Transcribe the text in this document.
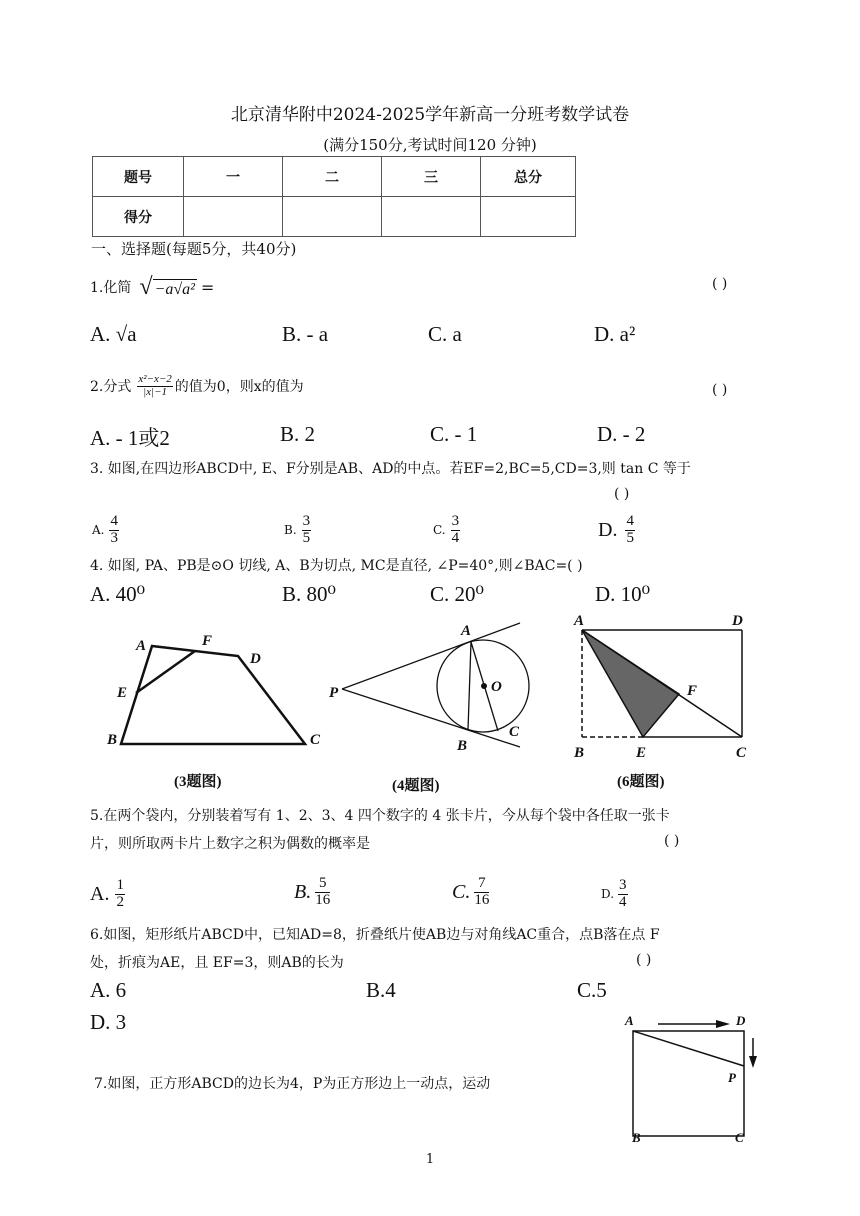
北京清华附中2024-2025学年新高一分班考数学试卷
(满分150分,考试时间120 分钟)
题号	一	二	三	总分
得分				
一、选择题(每题5分，共40分)
1.化简 √ −a√a² =	( )
A. √a	B. - a	C. a	D. a²
2.分式
x²−x−2
|x|−1 的值为0，则x的值为	( )
A. - 1或2	B. 2	C. - 1	D. - 2
3. 如图,在四边形ABCD中, E、F分别是AB、AD的中点。若EF=2,BC=5,CD=3,则 tan C 等于
( )
A.
4
3	B.
3
5	C.
3
4	D. 4
5
4. 如图, PA、PB是⊙O 切线, A、B为切点, MC是直径, ∠P=40°,则∠BAC=( )
A. 40⁰	B. 80⁰	C. 20⁰	D. 10⁰
A	F
D
E
B	C
(3题图)
A
P	O
B
C
(4题图)
A	D
F
B	E	C
(6题图)
5.在两个袋内，分别装着写有 1、2、3、4 四个数字的 4 张卡片，今从每个袋中各任取一张卡
片，则所取两卡片上数字之积为偶数的概率是	( )
A. 1
2	B. 5
16	C. 7
16	D.
3
4
6.如图，矩形纸片ABCD中，已知AD=8，折叠纸片使AB边与对角线AC重合，点B落在点 F
处，折痕为AE，且 EF=3，则AB的长为	( )
A. 6	B.4	C.5
D. 3	A	D
P
B	C
7.如图，正方形ABCD的边长为4，P为正方形边上一动点，运动
1
